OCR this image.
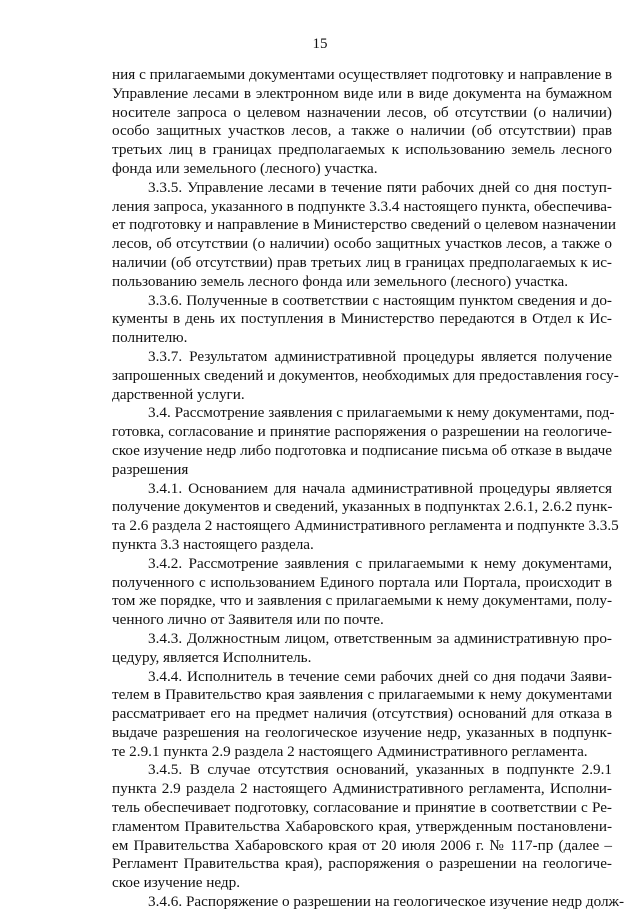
15
ния с прилагаемыми документами осуществляет подготовку и направление в
Управление лесами в электронном виде или в виде документа на бумажном
носителе запроса о целевом назначении лесов, об отсутствии (о наличии)
особо защитных участков лесов, а также о наличии (об отсутствии) прав
третьих лиц в границах предполагаемых к использованию земель лесного
фонда или земельного (лесного) участка.
3.3.5. Управление лесами в течение пяти рабочих дней со дня поступ-
ления запроса, указанного в подпункте 3.3.4 настоящего пункта, обеспечива-
ет подготовку и направление в Министерство сведений о целевом назначении
лесов, об отсутствии (о наличии) особо защитных участков лесов, а также о
наличии (об отсутствии) прав третьих лиц в границах предполагаемых к ис-
пользованию земель лесного фонда или земельного (лесного) участка.
3.3.6. Полученные в соответствии с настоящим пунктом сведения и до-
кументы в день их поступления в Министерство передаются в Отдел к Ис-
полнителю.
3.3.7. Результатом административной процедуры является получение
запрошенных сведений и документов, необходимых для предоставления госу-
дарственной услуги.
3.4. Рассмотрение заявления с прилагаемыми к нему документами, под-
готовка, согласование и принятие распоряжения о разрешении на геологиче-
ское изучение недр либо подготовка и подписание письма об отказе в выдаче
разрешения
3.4.1. Основанием для начала административной процедуры является
получение документов и сведений, указанных в подпунктах 2.6.1, 2.6.2 пунк-
та 2.6 раздела 2 настоящего Административного регламента и подпункте 3.3.5
пункта 3.3 настоящего раздела.
3.4.2. Рассмотрение заявления с прилагаемыми к нему документами,
полученного с использованием Единого портала или Портала, происходит в
том же порядке, что и заявления с прилагаемыми к нему документами, полу-
ченного лично от Заявителя или по почте.
3.4.3. Должностным лицом, ответственным за административную про-
цедуру, является Исполнитель.
3.4.4. Исполнитель в течение семи рабочих дней со дня подачи Заяви-
телем в Правительство края заявления с прилагаемыми к нему документами
рассматривает его на предмет наличия (отсутствия) оснований для отказа в
выдаче разрешения на геологическое изучение недр, указанных в подпунк-
те 2.9.1 пункта 2.9 раздела 2 настоящего Административного регламента.
3.4.5. В случае отсутствия оснований, указанных в подпункте 2.9.1
пункта 2.9 раздела 2 настоящего Административного регламента, Исполни-
тель обеспечивает подготовку, согласование и принятие в соответствии с Ре-
гламентом Правительства Хабаровского края, утвержденным постановлени-
ем Правительства Хабаровского края от 20 июля 2006 г. № 117-пр (далее –
Регламент Правительства края), распоряжения о разрешении на геологиче-
ское изучение недр.
3.4.6. Распоряжение о разрешении на геологическое изучение недр долж-
